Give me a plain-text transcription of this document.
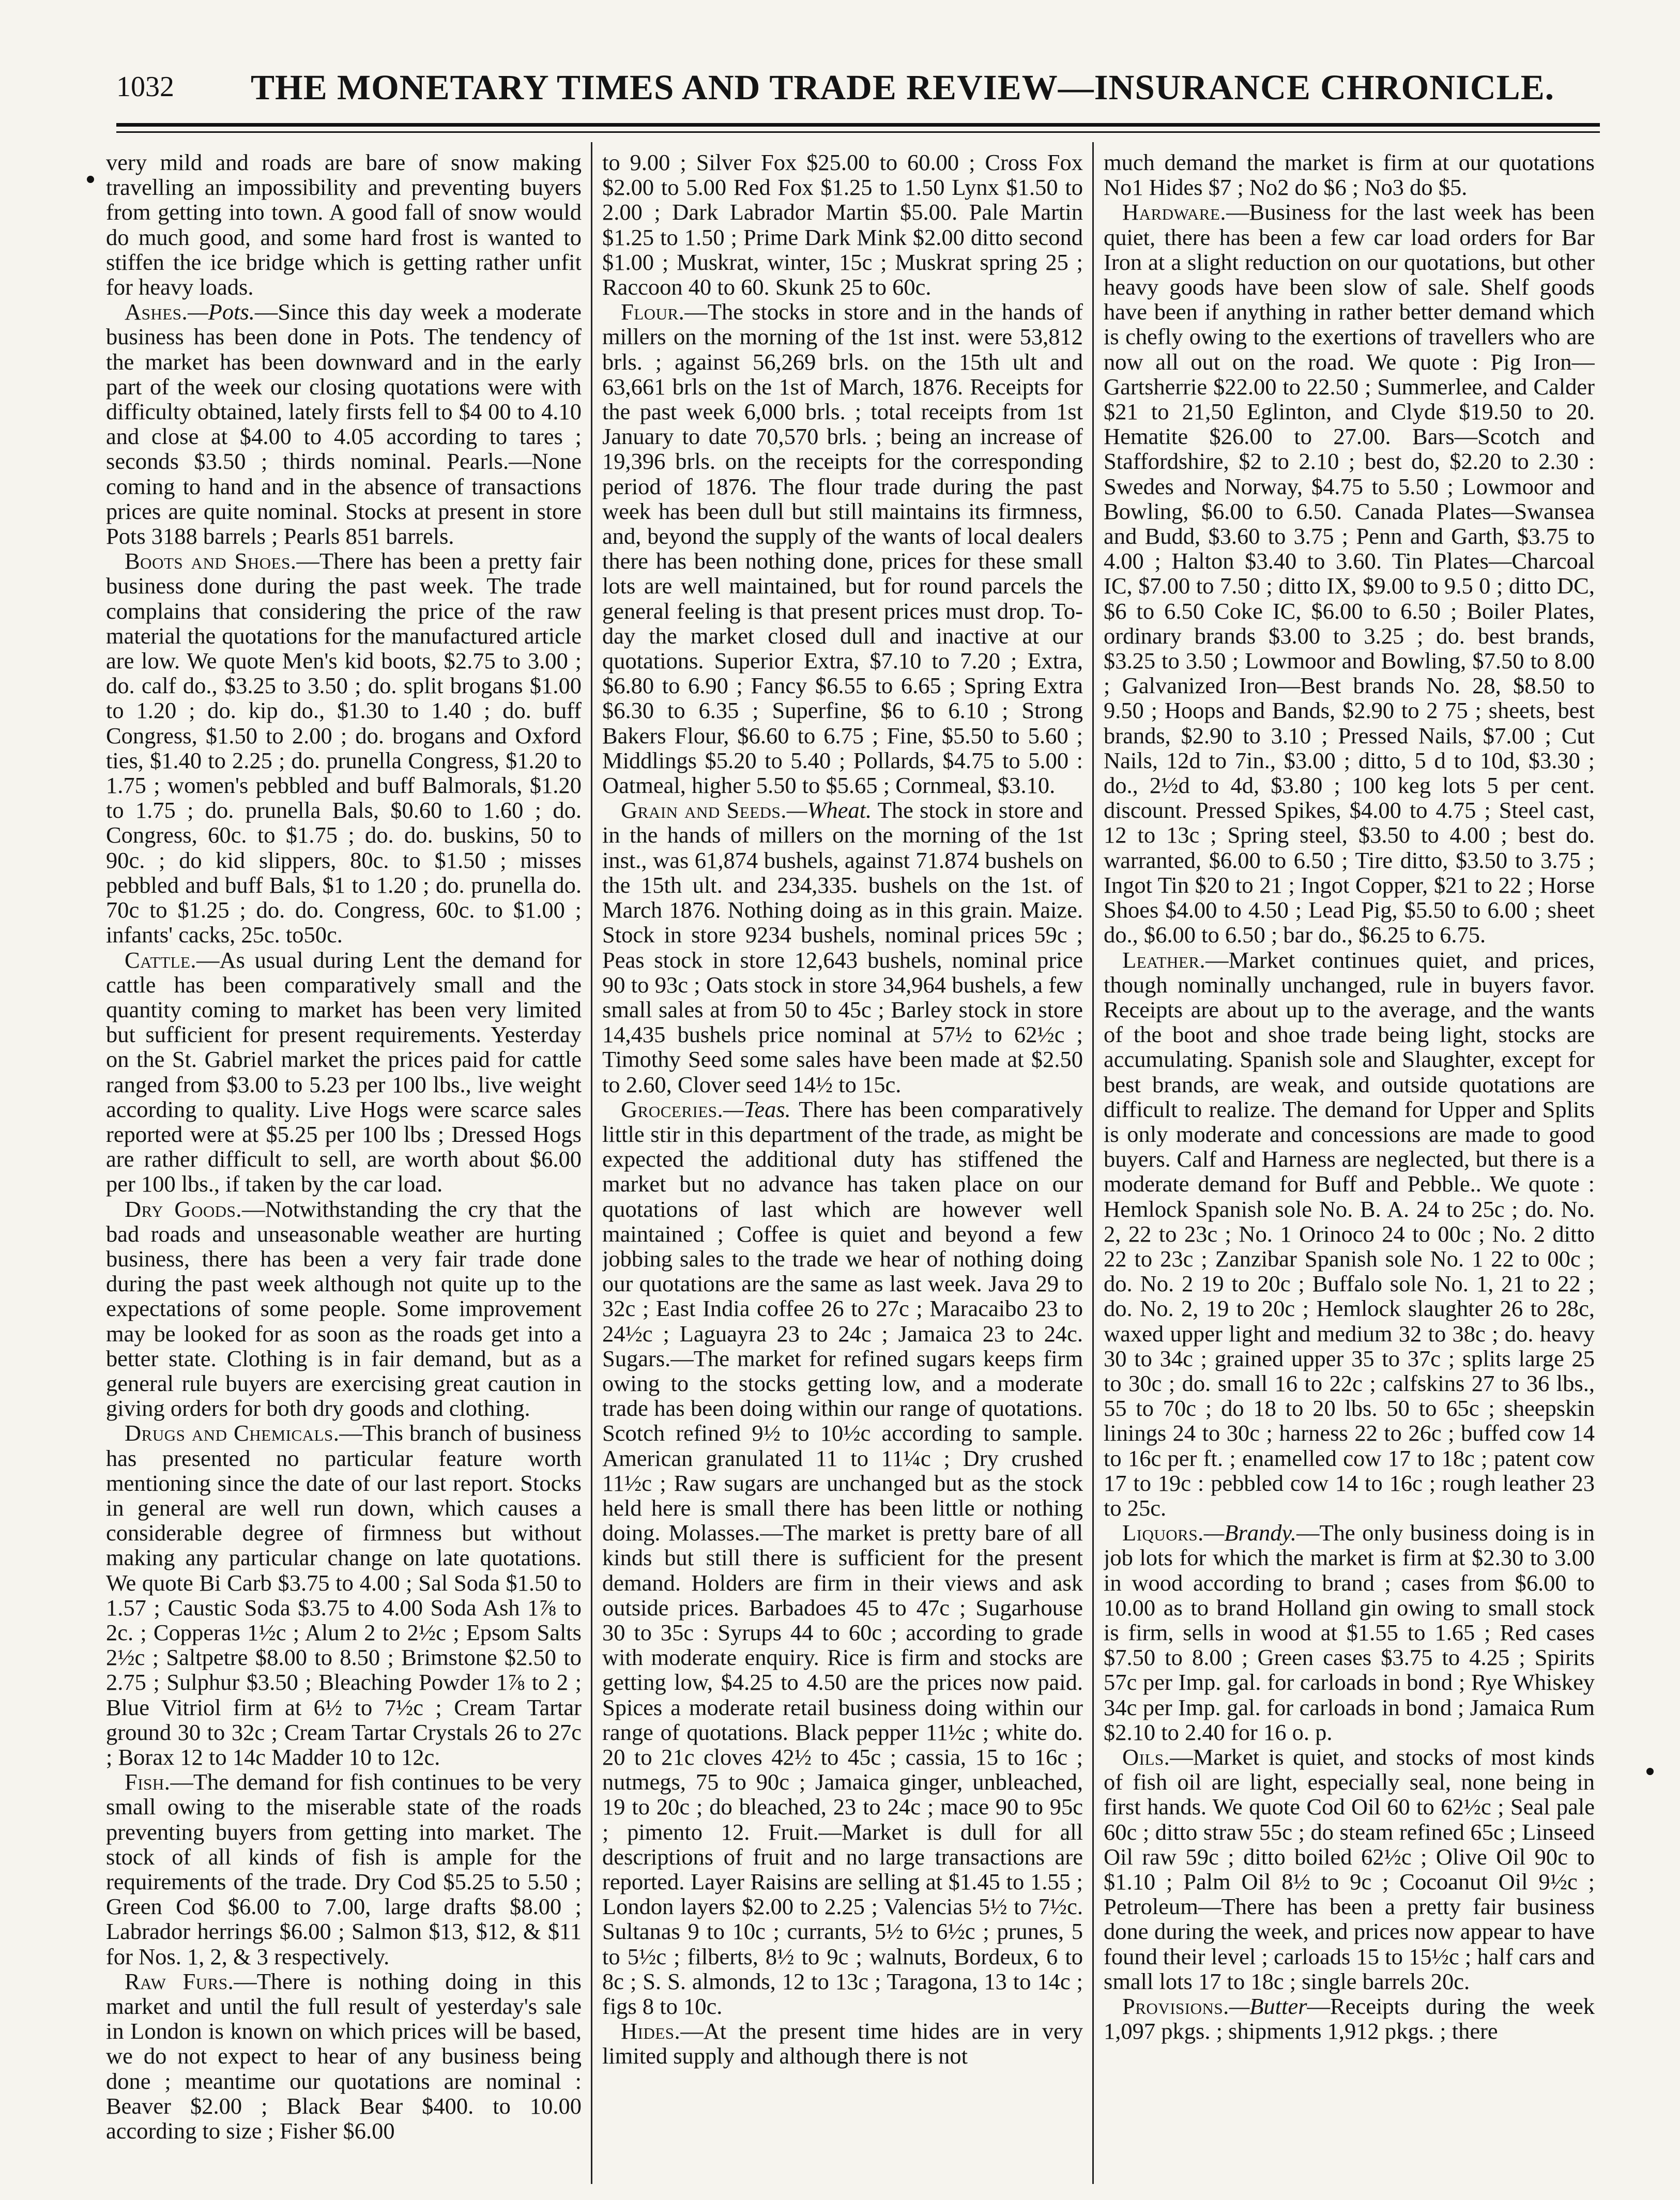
1032 THE MONETARY TIMES AND TRADE REVIEW—INSURANCE CHRONICLE.

very mild and roads are bare of snow making travelling an impossibility and preventing buyers from getting into town. A good fall of snow would do much good, and some hard frost is wanted to stiffen the ice bridge which is getting rather unfit for heavy loads.

Ashes.—Pots.—Since this day week a moderate business has been done in Pots. The tendency of the market has been downward and in the early part of the week our closing quotations were with difficulty obtained, lately firsts fell to $4 00 to 4.10 and close at $4.00 to 4.05 according to tares ; seconds $3.50 ; thirds nominal. Pearls.—None coming to hand and in the absence of transactions prices are quite nominal. Stocks at present in store Pots 3188 barrels ; Pearls 851 barrels.

Boots and Shoes.—There has been a pretty fair business done during the past week. The trade complains that considering the price of the raw material the quotations for the manufactured article are low. We quote Men's kid boots, $2.75 to 3.00 ; do. calf do., $3.25 to 3.50 ; do. split brogans $1.00 to 1.20 ; do. kip do., $1.30 to 1.40 ; do. buff Congress, $1.50 to 2.00 ; do. brogans and Oxford ties, $1.40 to 2.25 ; do. prunella Congress, $1.20 to 1.75 ; women's pebbled and buff Balmorals, $1.20 to 1.75 ; do. prunella Bals, $0.60 to 1.60 ; do. Congress, 60c. to $1.75 ; do. do. buskins, 50 to 90c. ; do kid slippers, 80c. to $1.50 ; misses pebbled and buff Bals, $1 to 1.20 ; do. prunella do. 70c to $1.25 ; do. do. Congress, 60c. to $1.00 ; infants' cacks, 25c. to50c.

Cattle.—As usual during Lent the demand for cattle has been comparatively small and the quantity coming to market has been very limited but sufficient for present requirements. Yesterday on the St. Gabriel market the prices paid for cattle ranged from $3.00 to 5.23 per 100 lbs., live weight according to quality. Live Hogs were scarce sales reported were at $5.25 per 100 lbs ; Dressed Hogs are rather difficult to sell, are worth about $6.00 per 100 lbs., if taken by the car load.

Dry Goods.—Notwithstanding the cry that the bad roads and unseasonable weather are hurting business, there has been a very fair trade done during the past week although not quite up to the expectations of some people. Some improvement may be looked for as soon as the roads get into a better state. Clothing is in fair demand, but as a general rule buyers are exercising great caution in giving orders for both dry goods and clothing.

Drugs and Chemicals.—This branch of business has presented no particular feature worth mentioning since the date of our last report. Stocks in general are well run down, which causes a considerable degree of firmness but without making any particular change on late quotations. We quote Bi Carb $3.75 to 4.00 ; Sal Soda $1.50 to 1.57 ; Caustic Soda $3.75 to 4.00 Soda Ash 1⅞ to 2c. ; Copperas 1½c ; Alum 2 to 2½c ; Epsom Salts 2½c ; Saltpetre $8.00 to 8.50 ; Brimstone $2.50 to 2.75 ; Sulphur $3.50 ; Bleaching Powder 1⅞ to 2 ; Blue Vitriol firm at 6½ to 7½c ; Cream Tartar ground 30 to 32c ; Cream Tartar Crystals 26 to 27c ; Borax 12 to 14c Madder 10 to 12c.

Fish.—The demand for fish continues to be very small owing to the miserable state of the roads preventing buyers from getting into market. The stock of all kinds of fish is ample for the requirements of the trade. Dry Cod $5.25 to 5.50 ; Green Cod $6.00 to 7.00, large drafts $8.00 ; Labrador herrings $6.00 ; Salmon $13, $12, & $11 for Nos. 1, 2, & 3 respectively.

Raw Furs.—There is nothing doing in this market and until the full result of yesterday's sale in London is known on which prices will be based, we do not expect to hear of any business being done ; meantime our quotations are nominal : Beaver $2.00 ; Black Bear $400. to 10.00 according to size ; Fisher $6.00

to 9.00 ; Silver Fox $25.00 to 60.00 ; Cross Fox $2.00 to 5.00 Red Fox $1.25 to 1.50 Lynx $1.50 to 2.00 ; Dark Labrador Martin $5.00. Pale Martin $1.25 to 1.50 ; Prime Dark Mink $2.00 ditto second $1.00 ; Muskrat, winter, 15c ; Muskrat spring 25 ; Raccoon 40 to 60. Skunk 25 to 60c.

Flour.—The stocks in store and in the hands of millers on the morning of the 1st inst. were 53,812 brls. ; against 56,269 brls. on the 15th ult and 63,661 brls on the 1st of March, 1876. Receipts for the past week 6,000 brls. ; total receipts from 1st January to date 70,570 brls. ; being an increase of 19,396 brls. on the receipts for the corresponding period of 1876. The flour trade during the past week has been dull but still maintains its firmness, and, beyond the supply of the wants of local dealers there has been nothing done, prices for these small lots are well maintained, but for round parcels the general feeling is that present prices must drop. To-day the market closed dull and inactive at our quotations. Superior Extra, $7.10 to 7.20 ; Extra, $6.80 to 6.90 ; Fancy $6.55 to 6.65 ; Spring Extra $6.30 to 6.35 ; Superfine, $6 to 6.10 ; Strong Bakers Flour, $6.60 to 6.75 ; Fine, $5.50 to 5.60 ; Middlings $5.20 to 5.40 ; Pollards, $4.75 to 5.00 : Oatmeal, higher 5.50 to $5.65 ; Cornmeal, $3.10.

Grain and Seeds.—Wheat. The stock in store and in the hands of millers on the morning of the 1st inst., was 61,874 bushels, against 71.874 bushels on the 15th ult. and 234,335. bushels on the 1st. of March 1876. Nothing doing as in this grain. Maize. Stock in store 9234 bushels, nominal prices 59c ; Peas stock in store 12,643 bushels, nominal price 90 to 93c ; Oats stock in store 34,964 bushels, a few small sales at from 50 to 45c ; Barley stock in store 14,435 bushels price nominal at 57½ to 62½c ; Timothy Seed some sales have been made at $2.50 to 2.60, Clover seed 14½ to 15c.

Groceries.—Teas. There has been comparatively little stir in this department of the trade, as might be expected the additional duty has stiffened the market but no advance has taken place on our quotations of last which are however well maintained ; Coffee is quiet and beyond a few jobbing sales to the trade we hear of nothing doing our quotations are the same as last week. Java 29 to 32c ; East India coffee 26 to 27c ; Maracaibo 23 to 24½c ; Laguayra 23 to 24c ; Jamaica 23 to 24c. Sugars.—The market for refined sugars keeps firm owing to the stocks getting low, and a moderate trade has been doing within our range of quotations. Scotch refined 9½ to 10½c according to sample. American granulated 11 to 11¼c ; Dry crushed 11½c ; Raw sugars are unchanged but as the stock held here is small there has been little or nothing doing. Molasses.—The market is pretty bare of all kinds but still there is sufficient for the present demand. Holders are firm in their views and ask outside prices. Barbadoes 45 to 47c ; Sugarhouse 30 to 35c : Syrups 44 to 60c ; according to grade with moderate enquiry. Rice is firm and stocks are getting low, $4.25 to 4.50 are the prices now paid. Spices a moderate retail business doing within our range of quotations. Black pepper 11½c ; white do. 20 to 21c cloves 42½ to 45c ; cassia, 15 to 16c ; nutmegs, 75 to 90c ; Jamaica ginger, unbleached, 19 to 20c ; do bleached, 23 to 24c ; mace 90 to 95c ; pimento 12. Fruit.—Market is dull for all descriptions of fruit and no large transactions are reported. Layer Raisins are selling at $1.45 to 1.55 ; London layers $2.00 to 2.25 ; Valencias 5½ to 7½c. Sultanas 9 to 10c ; currants, 5½ to 6½c ; prunes, 5 to 5½c ; filberts, 8½ to 9c ; walnuts, Bordeux, 6 to 8c ; S. S. almonds, 12 to 13c ; Taragona, 13 to 14c ; figs 8 to 10c.

Hides.—At the present time hides are in very limited supply and although there is not

much demand the market is firm at our quotations No1 Hides $7 ; No2 do $6 ; No3 do $5.

Hardware.—Business for the last week has been quiet, there has been a few car load orders for Bar Iron at a slight reduction on our quotations, but other heavy goods have been slow of sale. Shelf goods have been if anything in rather better demand which is chefly owing to the exertions of travellers who are now all out on the road. We quote : Pig Iron—Gartsherrie $22.00 to 22.50 ; Summerlee, and Calder $21 to 21,50 Eglinton, and Clyde $19.50 to 20. Hematite $26.00 to 27.00. Bars—Scotch and Staffordshire, $2 to 2.10 ; best do, $2.20 to 2.30 : Swedes and Norway, $4.75 to 5.50 ; Lowmoor and Bowling, $6.00 to 6.50. Canada Plates—Swansea and Budd, $3.60 to 3.75 ; Penn and Garth, $3.75 to 4.00 ; Halton $3.40 to 3.60. Tin Plates—Charcoal IC, $7.00 to 7.50 ; ditto IX, $9.00 to 9.5 0 ; ditto DC, $6 to 6.50 Coke IC, $6.00 to 6.50 ; Boiler Plates, ordinary brands $3.00 to 3.25 ; do. best brands, $3.25 to 3.50 ; Lowmoor and Bowling, $7.50 to 8.00 ; Galvanized Iron—Best brands No. 28, $8.50 to 9.50 ; Hoops and Bands, $2.90 to 2 75 ; sheets, best brands, $2.90 to 3.10 ; Pressed Nails, $7.00 ; Cut Nails, 12d to 7in., $3.00 ; ditto, 5 d to 10d, $3.30 ; do., 2½d to 4d, $3.80 ; 100 keg lots 5 per cent. discount. Pressed Spikes, $4.00 to 4.75 ; Steel cast, 12 to 13c ; Spring steel, $3.50 to 4.00 ; best do. warranted, $6.00 to 6.50 ; Tire ditto, $3.50 to 3.75 ; Ingot Tin $20 to 21 ; Ingot Copper, $21 to 22 ; Horse Shoes $4.00 to 4.50 ; Lead Pig, $5.50 to 6.00 ; sheet do., $6.00 to 6.50 ; bar do., $6.25 to 6.75.

Leather.—Market continues quiet, and prices, though nominally unchanged, rule in buyers favor. Receipts are about up to the average, and the wants of the boot and shoe trade being light, stocks are accumulating. Spanish sole and Slaughter, except for best brands, are weak, and outside quotations are difficult to realize. The demand for Upper and Splits is only moderate and concessions are made to good buyers. Calf and Harness are neglected, but there is a moderate demand for Buff and Pebble.. We quote : Hemlock Spanish sole No. B. A. 24 to 25c ; do. No. 2, 22 to 23c ; No. 1 Orinoco 24 to 00c ; No. 2 ditto 22 to 23c ; Zanzibar Spanish sole No. 1 22 to 00c ; do. No. 2 19 to 20c ; Buffalo sole No. 1, 21 to 22 ; do. No. 2, 19 to 20c ; Hemlock slaughter 26 to 28c, waxed upper light and medium 32 to 38c ; do. heavy 30 to 34c ; grained upper 35 to 37c ; splits large 25 to 30c ; do. small 16 to 22c ; calfskins 27 to 36 lbs., 55 to 70c ; do 18 to 20 lbs. 50 to 65c ; sheepskin linings 24 to 30c ; harness 22 to 26c ; buffed cow 14 to 16c per ft. ; enamelled cow 17 to 18c ; patent cow 17 to 19c : pebbled cow 14 to 16c ; rough leather 23 to 25c.

Liquors.—Brandy.—The only business doing is in job lots for which the market is firm at $2.30 to 3.00 in wood according to brand ; cases from $6.00 to 10.00 as to brand Holland gin owing to small stock is firm, sells in wood at $1.55 to 1.65 ; Red cases $7.50 to 8.00 ; Green cases $3.75 to 4.25 ; Spirits 57c per Imp. gal. for carloads in bond ; Rye Whiskey 34c per Imp. gal. for carloads in bond ; Jamaica Rum $2.10 to 2.40 for 16 o. p.

Oils.—Market is quiet, and stocks of most kinds of fish oil are light, especially seal, none being in first hands. We quote Cod Oil 60 to 62½c ; Seal pale 60c ; ditto straw 55c ; do steam refined 65c ; Linseed Oil raw 59c ; ditto boiled 62½c ; Olive Oil 90c to $1.10 ; Palm Oil 8½ to 9c ; Cocoanut Oil 9½c ; Petroleum—There has been a pretty fair business done during the week, and prices now appear to have found their level ; carloads 15 to 15½c ; half cars and small lots 17 to 18c ; single barrels 20c.

Provisions.—Butter—Receipts during the week 1,097 pkgs. ; shipments 1,912 pkgs. ; there
